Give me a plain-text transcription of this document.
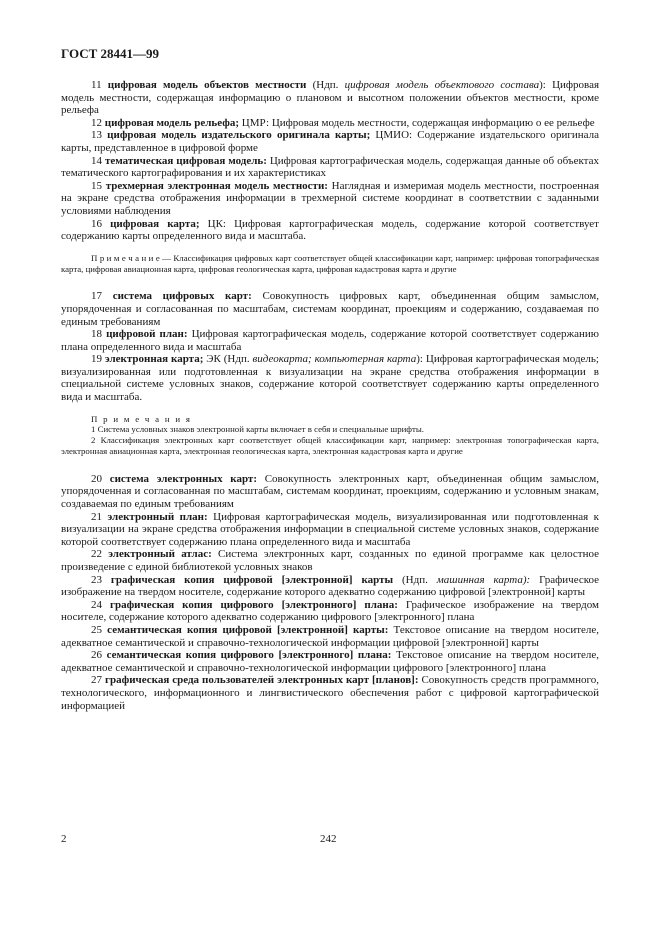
ГОСТ 28441—99

11 цифровая модель объектов местности (Ндп. цифровая модель объектового состава): Цифровая модель местности, содержащая информацию о плановом и высотном положении объектов местности, кроме рельефа

12 цифровая модель рельефа; ЦМР: Цифровая модель местности, содержащая информацию о ее рельефе

13 цифровая модель издательского оригинала карты; ЦМИО: Содержание издательского оригинала карты, представленное в цифровой форме

14 тематическая цифровая модель: Цифровая картографическая модель, содержащая данные об объектах тематического картографирования и их характеристиках

15 трехмерная электронная модель местности: Наглядная и измеримая модель местности, построенная на экране средства отображения информации в трехмерной системе координат в соответствии с заданными условиями наблюдения

16 цифровая карта; ЦК: Цифровая картографическая модель, содержание которой соответствует содержанию карты определенного вида и масштаба.

П р и м е ч а н и е — Классификация цифровых карт соответствует общей классификации карт, например: цифровая топографическая карта, цифровая авиационная карта, цифровая геологическая карта, цифровая кадастровая карта и другие

17 система цифровых карт: Совокупность цифровых карт, объединенная общим замыслом, упорядоченная и согласованная по масштабам, системам координат, проекциям и содержанию, создаваемая по единым требованиям

18 цифровой план: Цифровая картографическая модель, содержание которой соответствует содержанию плана определенного вида и масштаба

19 электронная карта; ЭК (Ндп. видеокарта; компьютерная карта): Цифровая картографическая модель; визуализированная или подготовленная к визуализации на экране средства отображения информации в специальной системе условных знаков, содержание которой соответствует содержанию карты определенного вида и масштаба.

П р и м е ч а н и я
1 Система условных знаков электронной карты включает в себя и специальные шрифты.
2 Классификация электронных карт соответствует общей классификации карт, например: электронная топографическая карта, электронная авиационная карта, электронная геологическая карта, электронная кадастровая карта и другие

20 система электронных карт: Совокупность электронных карт, объединенная общим замыслом, упорядоченная и согласованная по масштабам, системам координат, проекциям, содержанию и условным знакам, создаваемая по единым требованиям

21 электронный план: Цифровая картографическая модель, визуализированная или подготовленная к визуализации на экране средства отображения информации в специальной системе условных знаков, содержание которой соответствует содержанию плана определенного вида и масштаба

22 электронный атлас: Система электронных карт, созданных по единой программе как целостное произведение с единой библиотекой условных знаков

23 графическая копия цифровой [электронной] карты (Ндп. машинная карта): Графическое изображение на твердом носителе, содержание которого адекватно содержанию цифровой [электронной] карты

24 графическая копия цифрового [электронного] плана: Графическое изображение на твердом носителе, содержание которого адекватно содержанию цифрового [электронного] плана

25 семантическая копия цифровой [электронной] карты: Текстовое описание на твердом носителе, адекватное семантической и справочно-технологической информации цифровой [электронной] карты

26 семантическая копия цифрового [электронного] плана: Текстовое описание на твердом носителе, адекватное семантической и справочно-технологической информации цифрового [электронного] плана

27 графическая среда пользователей электронных карт [планов]: Совокупность средств программного, технологического, информационного и лингвистического обеспечения работ с цифровой картографической информацией

2	242
